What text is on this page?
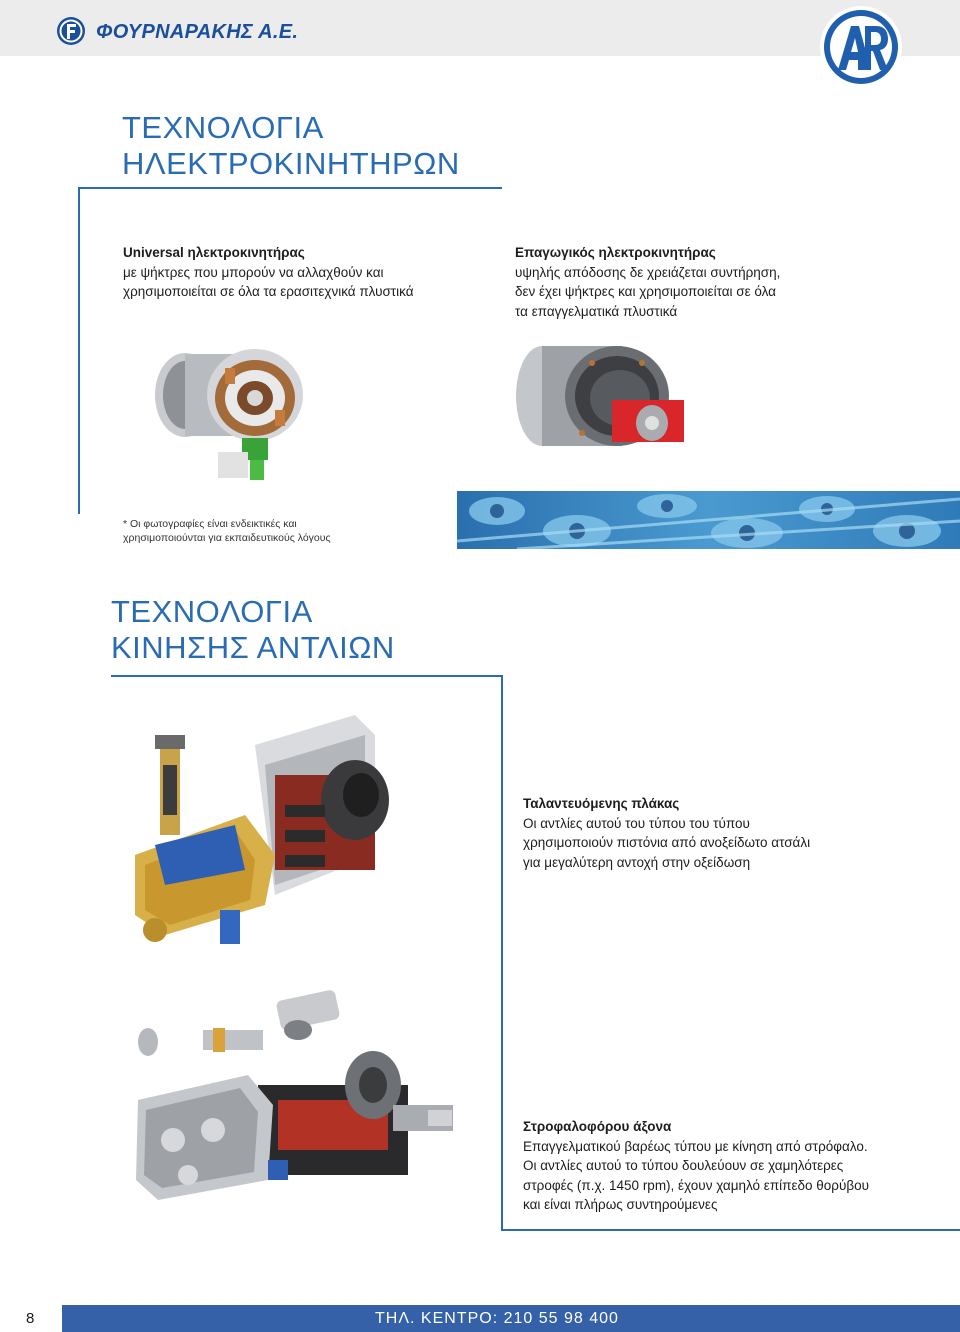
ΦΟΥΡΝΑΡΑΚΗΣ Α.Ε.
ΤΕΧΝΟΛΟΓΙΑ
ΗΛΕΚΤΡΟΚΙΝΗΤΗΡΩΝ
Universal ηλεκτροκινητήρας
με ψήκτρες που μπορούν να αλλαχθούν και
χρησιμοποιείται σε όλα τα ερασιτεχνικά πλυστικά
Επαγωγικός ηλεκτροκινητήρας
υψηλής απόδοσης δε χρειάζεται συντήρηση,
δεν έχει ψήκτρες και χρησιμοποιείται σε όλα
τα επαγγελματικά πλυστικά
* Οι φωτογραφίες είναι ενδεικτικές και
χρησιμοποιούνται για εκπαιδευτικούς λόγους
ΤΕΧΝΟΛΟΓΙΑ
ΚΙΝΗΣΗΣ ΑΝΤΛΙΩΝ
Ταλαντευόμενης πλάκας
Οι αντλίες αυτού του τύπου του τύπου
χρησιμοποιούν πιστόνια από ανοξείδωτο ατσάλι
για μεγαλύτερη αντοχή στην οξείδωση
Στροφαλοφόρου άξονα
Επαγγελματικού βαρέως τύπου με κίνηση από στρόφαλο.
Οι αντλίες αυτού το τύπου δουλεύουν σε χαμηλότερες
στροφές (π.χ. 1450 rpm), έχουν χαμηλό επίπεδο θορύβου
και είναι πλήρως συντηρούμενες
8	ΤΗΛ. ΚΕΝΤΡΟ: 210 55 98 400
